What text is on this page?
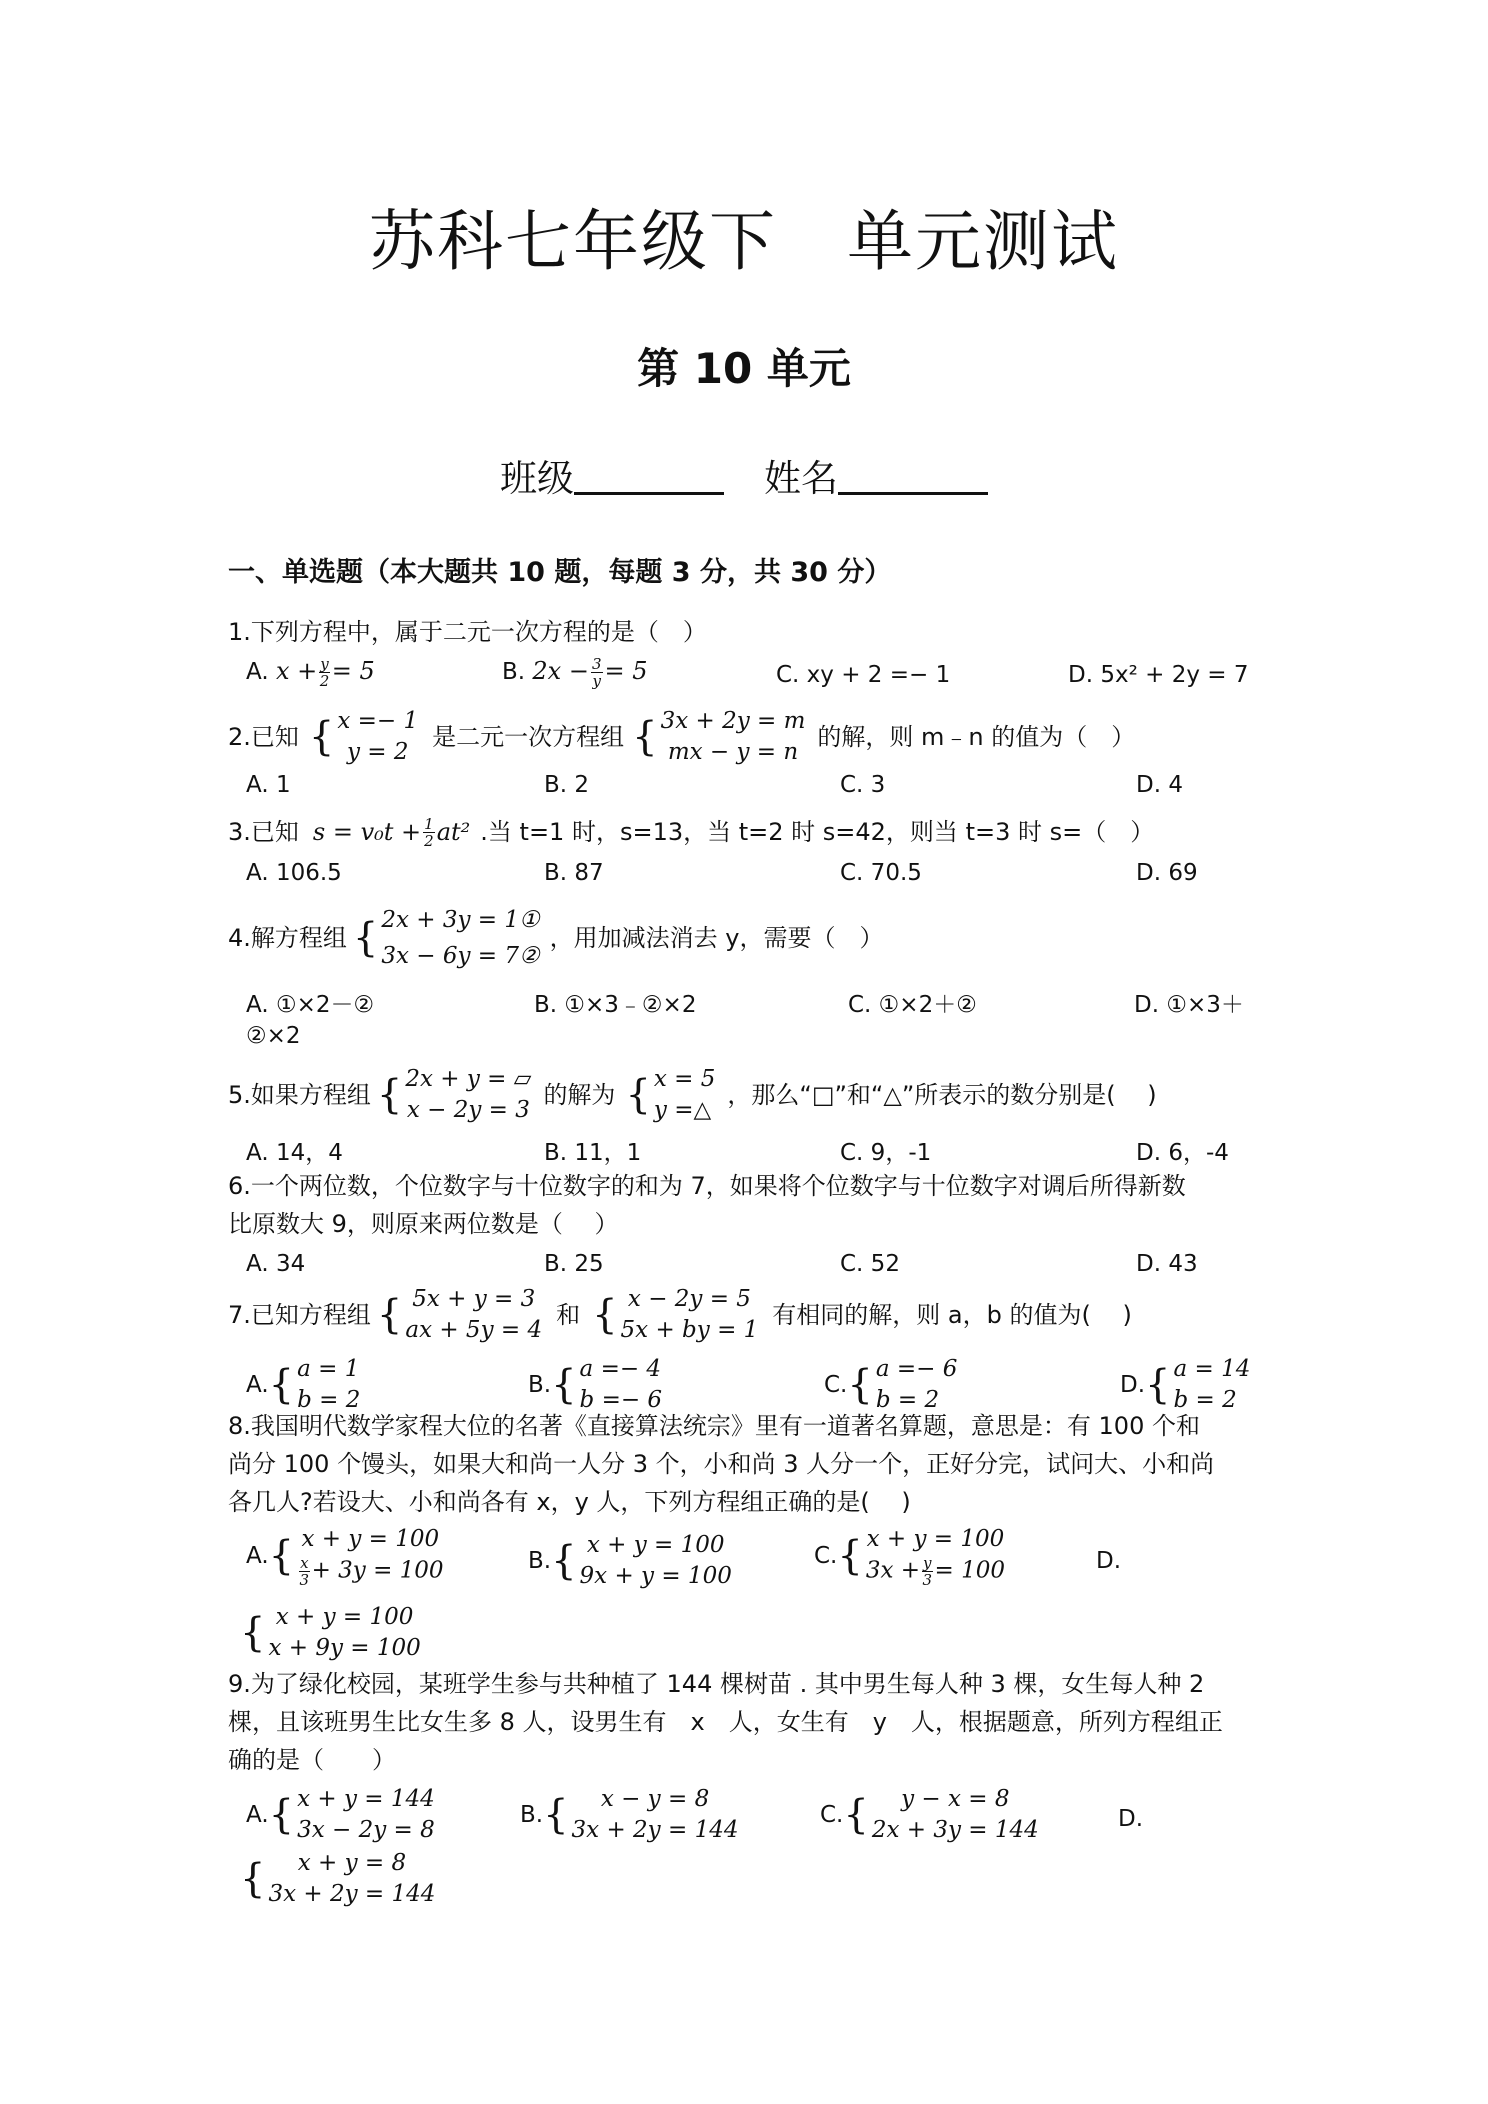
苏科七年级下 单元测试
第 10 单元
班级	姓名
一、单选题（本大题共 10 题，每题 3 分，共 30 分）
1.下列方程中，属于二元一次方程的是（　）
A. $x + \frac{y}{2} = 5$	B. $2x - \frac{3}{y} = 5$	C. xy + 2 =− 1	D. 5x² + 2y = 7
2.已知 { x =− 1
y = 2
是二元一次方程组 { 3x + 2y = m
mx − y = n
的解，则 m﹣n 的值为（　）
A. 1	B. 2	C. 3	D. 4
3.已知 $s = v_0t + \frac{1}{2} at^2$ .当 t=1 时，s=13，当 t=2 时 s=42，则当 t=3 时 s=（　）
A. 106.5	B. 87	C. 70.5	D. 69
4.解方程组 { 2x + 3y = 1①
3x − 6y = 7②
，用加减法消去 y，需要（　）
A. ①×2－②	B. ①×3﹣②×2	C. ①×2＋②	D. ①×3＋
②×2
5.如果方程组 { 2x + y = ▱
x − 2y = 3
的解为 { x = 5
y =△
，那么“□”和“△”所表示的数分别是(　 )
A. 14，4	B. 11，1	C. 9，-1	D. 6，-4
6.一个两位数，个位数字与十位数字的和为 7，如果将个位数字与十位数字对调后所得新数
比原数大 9，则原来两位数是（　 ）
A. 34	B. 25	C. 52	D. 43
7.已知方程组 { 5x + y = 3
ax + 5y = 4
和 { x − 2y = 5
5x + by = 1
有相同的解，则 a，b 的值为(　 )
A. { a = 1
b = 2
B. { a =− 4
b =− 6
C. { a =− 6
b = 2
D. { a = 14
b = 2
8.我国明代数学家程大位的名著《直接算法统宗》里有一道著名算题，意思是：有 100 个和
尚分 100 个馒头，如果大和尚一人分 3 个，小和尚 3 人分一个，正好分完，试问大、小和尚
各几人?若设大、小和尚各有 x，y 人，下列方程组正确的是(　 )
A. { x + y = 100
$\frac{x}{3} + 3y = 100$	B. { x + y = 100
9x + y = 100
C. { x + y = 100
$3x + \frac{y}{3} = 100$	D.
{ x + y = 100
x + 9y = 100
9.为了绿化校园，某班学生参与共种植了 144 棵树苗 . 其中男生每人种 3 棵，女生每人种 2
棵，且该班男生比女生多 8 人，设男生有　x　人，女生有　y　人，根据题意，所列方程组正
确的是（　　）
A. { x + y = 144
3x − 2y = 8
B. {	x − y = 8
3x + 2y = 144
C. {	y − x = 8
2x + 3y = 144	D.
{	x + y = 8
3x + 2y = 144
